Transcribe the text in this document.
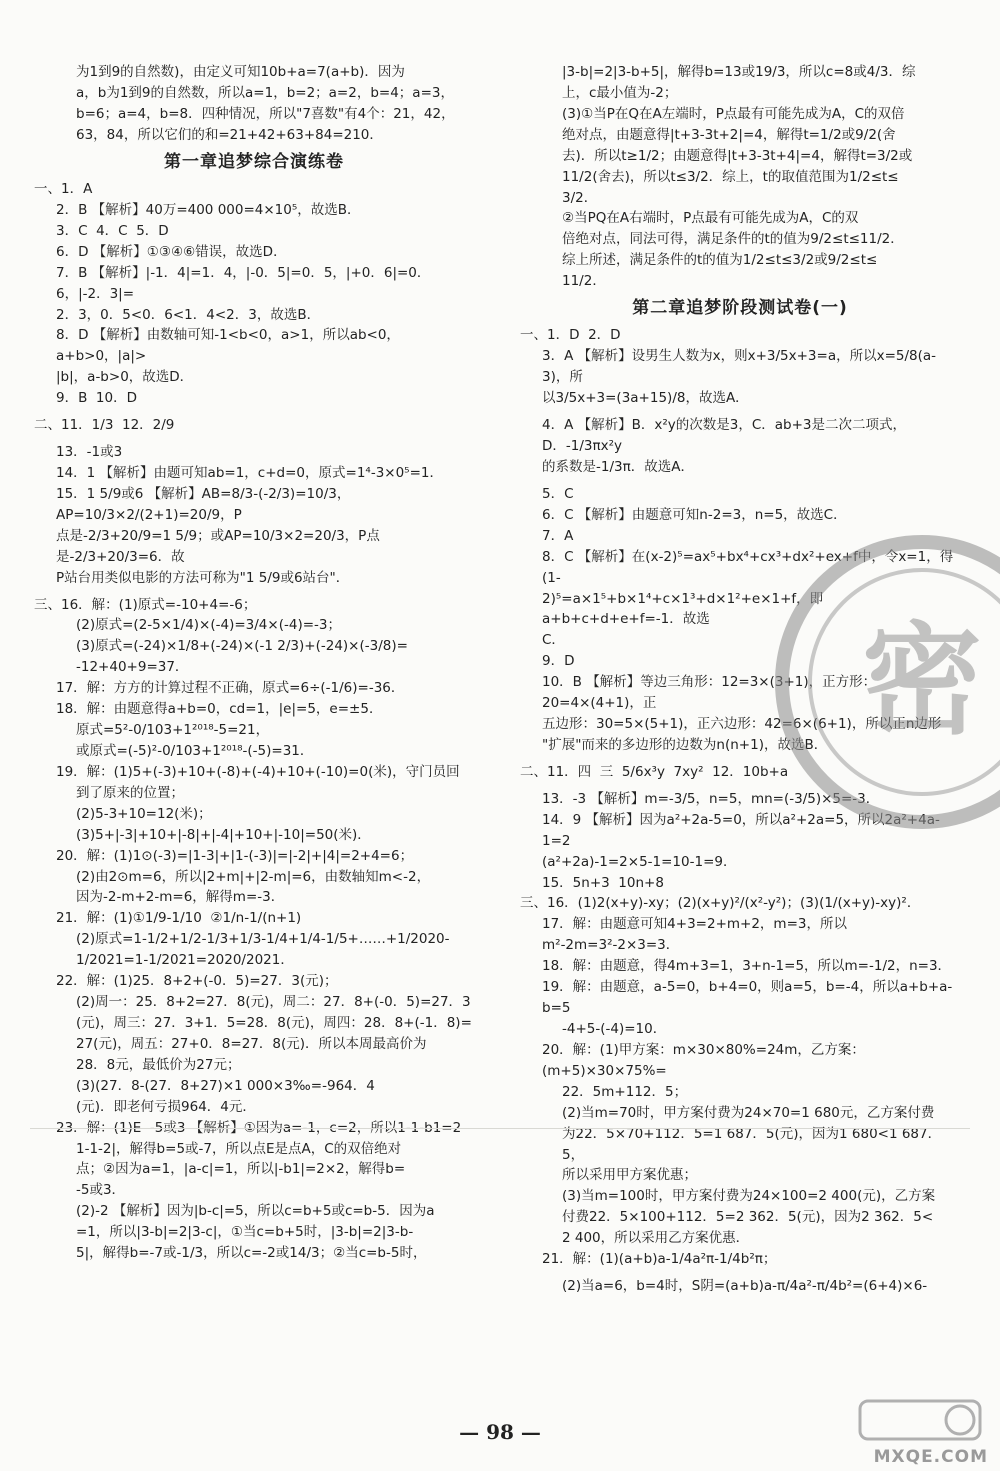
为1到9的自然数)，由定义可知10b+a=7(a+b)．因为
a，b为1到9的自然数，所以a=1，b=2；a=2，b=4；a=3，
b=6；a=4，b=8．四种情况，所以"7喜数"有4个：21，42，
63，84，所以它们的和=21+42+63+84=210．
第一章追梦综合演练卷
一、1．A
2．B 【解析】40万=400 000=4×10⁵，故选B．
3．C  4．C  5．D
6．D 【解析】①③④⑥错误，故选D．
7．B 【解析】|-1．4|=1．4，|-0．5|=0．5，|+0．6|=0．6，|-2．3|=
2．3，0．5<0．6<1．4<2．3，故选B．
8．D 【解析】由数轴可知-1<b<0，a>1，所以ab<0，a+b>0，|a|>
|b|，a-b>0，故选D．
9．B  10．D
二、11．1/3  12．2/9
13．-1或3
14．1 【解析】由题可知ab=1，c+d=0，原式=1⁴-3×0⁵=1．
15．1 5/9或6 【解析】AB=8/3-(-2/3)=10/3，AP=10/3×2/(2+1)=20/9，P
点是-2/3+20/9=1 5/9；或AP=10/3×2=20/3，P点是-2/3+20/3=6．故
P站台用类似电影的方法可称为"1 5/9或6站台"．
三、16．解：(1)原式=-10+4=-6；
(2)原式=(2-5×1/4)×(-4)=3/4×(-4)=-3；
(3)原式=(-24)×1/8+(-24)×(-1 2/3)+(-24)×(-3/8)=
-12+40+9=37．
17．解：方方的计算过程不正确，原式=6÷(-1/6)=-36．
18．解：由题意得a+b=0，cd=1，|e|=5，e=±5．
原式=5²-0/103+1²⁰¹⁸-5=21，
或原式=(-5)²-0/103+1²⁰¹⁸-(-5)=31．
19．解：(1)5+(-3)+10+(-8)+(-4)+10+(-10)=0(米)，守门员回
到了原来的位置；
(2)5-3+10=12(米)；
(3)5+|-3|+10+|-8|+|-4|+10+|-10|=50(米)．
20．解：(1)1⊙(-3)=|1-3|+|1-(-3)|=|-2|+|4|=2+4=6；
(2)由2⊙m=6，所以|2+m|+|2-m|=6，由数轴知m<-2，
因为-2-m+2-m=6，解得m=-3．
21．解：(1)①1/9-1/10  ②1/n-1/(n+1)
(2)原式=1-1/2+1/2-1/3+1/3-1/4+1/4-1/5+……+1/2020-
1/2021=1-1/2021=2020/2021．
22．解：(1)25．8+2+(-0．5)=27．3(元)；
(2)周一：25．8+2=27．8(元)，周二：27．8+(-0．5)=27．3
(元)，周三：27．3+1．5=28．8(元)，周四：28．8+(-1．8)=
27(元)，周五：27+0．8=27．8(元)．所以本周最高价为
28．8元，最低价为27元；
(3)(27．8-(27．8+27)×1 000×3‰=-964．4
(元)．即老何亏损964．4元．
23．解：(1)E  -5或3 【解析】①因为a=-1，c=2，所以1-1-b1=2
1-1-2|，解得b=5或-7，所以点E是点A，C的双倍绝对
点；②因为a=1，|a-c|=1，所以|-b1|=2×2，解得b=
-5或3．
(2)-2 【解析】因为|b-c|=5，所以c=b+5或c=b-5．因为a
=1，所以|3-b|=2|3-c|，①当c=b+5时，|3-b|=2|3-b-
5|，解得b=-7或-1/3，所以c=-2或14/3；②当c=b-5时，
|3-b|=2|3-b+5|，解得b=13或19/3，所以c=8或4/3．综
上，c最小值为-2；
(3)①当P在Q在A左端时，P点最有可能先成为A，C的双倍
绝对点，由题意得|t+3-3t+2|=4，解得t=1/2或9/2(舍
去)．所以t≥1/2；由题意得|t+3-3t+4|=4，解得t=3/2或
11/2(舍去)，所以t≤3/2．综上，t的取值范围为1/2≤t≤
3/2．
②当PQ在A右端时，P点最有可能先成为A，C的双
倍绝对点，同法可得，满足条件的t的值为9/2≤t≤11/2．
综上所述，满足条件的t的值为1/2≤t≤3/2或9/2≤t≤
11/2．
第二章追梦阶段测试卷(一)
一、1．D  2．D
3．A 【解析】设男生人数为x，则x+3/5x+3=a，所以x=5/8(a-3)，所
以3/5x+3=(3a+15)/8，故选A．
4．A 【解析】B．x²y的次数是3，C．ab+3是二次二项式，D．-1/3πx²y
的系数是-1/3π．故选A．
5．C
6．C 【解析】由题意可知n-2=3，n=5，故选C．
7．A
8．C 【解析】在(x-2)⁵=ax⁵+bx⁴+cx³+dx²+ex+f中，令x=1，得(1-
2)⁵=a×1⁵+b×1⁴+c×1³+d×1²+e×1+f，即a+b+c+d+e+f=-1．故选
C．
9．D
10．B 【解析】等边三角形：12=3×(3+1)，正方形：20=4×(4+1)，正
五边形：30=5×(5+1)，正六边形：42=6×(6+1)，所以正n边形
"扩展"而来的多边形的边数为n(n+1)，故选B．
二、11．四  三  5/6x³y  7xy²  12．10b+a
13．-3 【解析】m=-3/5，n=5，mn=(-3/5)×5=-3．
14．9 【解析】因为a²+2a-5=0，所以a²+2a=5，所以2a²+4a-1=2
(a²+2a)-1=2×5-1=10-1=9．
15．5n+3  10n+8
三、16．(1)2(x+y)-xy；(2)(x+y)²/(x²-y²)；(3)(1/(x+y)-xy)²．
17．解：由题意可知4+3=2+m+2，m=3，所以m²-2m=3²-2×3=3．
18．解：由题意，得4m+3=1，3+n-1=5，所以m=-1/2，n=3．
19．解：由题意，a-5=0，b+4=0，则a=5，b=-4，所以a+b+a-b=5
-4+5-(-4)=10．
20．解：(1)甲方案：m×30×80%=24m，乙方案：(m+5)×30×75%=
22．5m+112．5；
(2)当m=70时，甲方案付费为24×70=1 680元，乙方案付费
为22．5×70+112．5=1 687．5(元)，因为1 680<1 687．5，
所以采用甲方案优惠；
(3)当m=100时，甲方案付费为24×100=2 400(元)，乙方案
付费22．5×100+112．5=2 362．5(元)，因为2 362．5<
2 400，所以采用乙方案优惠．
21．解：(1)(a+b)a-1/4a²π-1/4b²π；
(2)当a=6，b=4时，S阴=(a+b)a-π/4a²-π/4b²=(6+4)×6-
密
— 98 —
MXQE.COM
